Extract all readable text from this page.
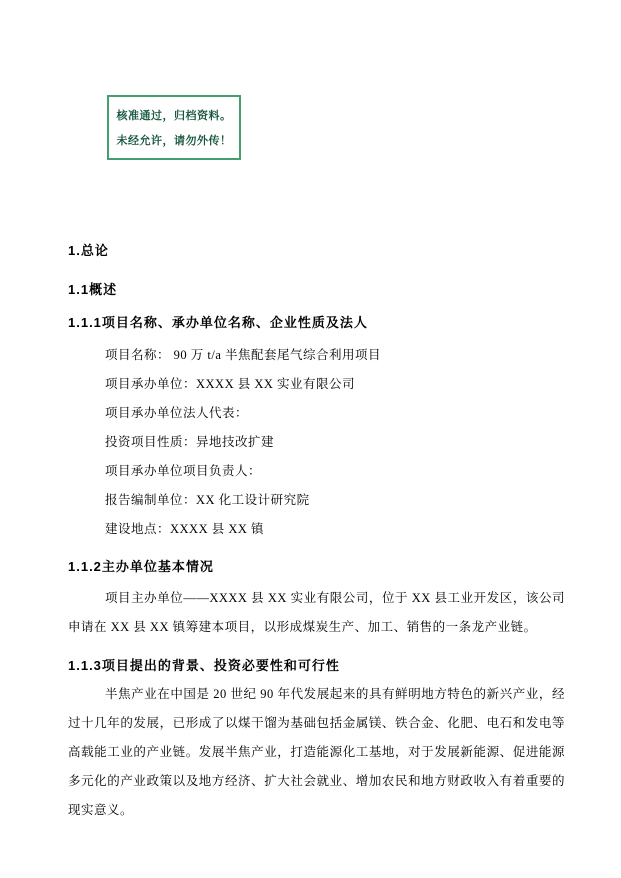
核准通过，归档资料。
未经允许，请勿外传！
1.总论
1.1概述
1.1.1项目名称、承办单位名称、企业性质及法人
项目名称： 90 万 t/a 半焦配套尾气综合利用项目
项目承办单位：XXXX 县 XX 实业有限公司
项目承办单位法人代表：
投资项目性质：异地技改扩建
项目承办单位项目负责人：
报告编制单位：XX 化工设计研究院
建设地点：XXXX 县 XX 镇
1.1.2主办单位基本情况

项目主办单位——XXXX 县 XX 实业有限公司，位于 XX 县工业开发区，该公司申请在 XX 县 XX 镇筹建本项目，以形成煤炭生产、加工、销售的一条龙产业链。

1.1.3项目提出的背景、投资必要性和可行性

半焦产业在中国是 20 世纪 90 年代发展起来的具有鲜明地方特色的新兴产业，经过十几年的发展，已形成了以煤干馏为基础包括金属镁、铁合金、化肥、电石和发电等高载能工业的产业链。发展半焦产业，打造能源化工基地，对于发展新能源、促进能源多元化的产业政策以及地方经济、扩大社会就业、增加农民和地方财政收入有着重要的现实意义。
